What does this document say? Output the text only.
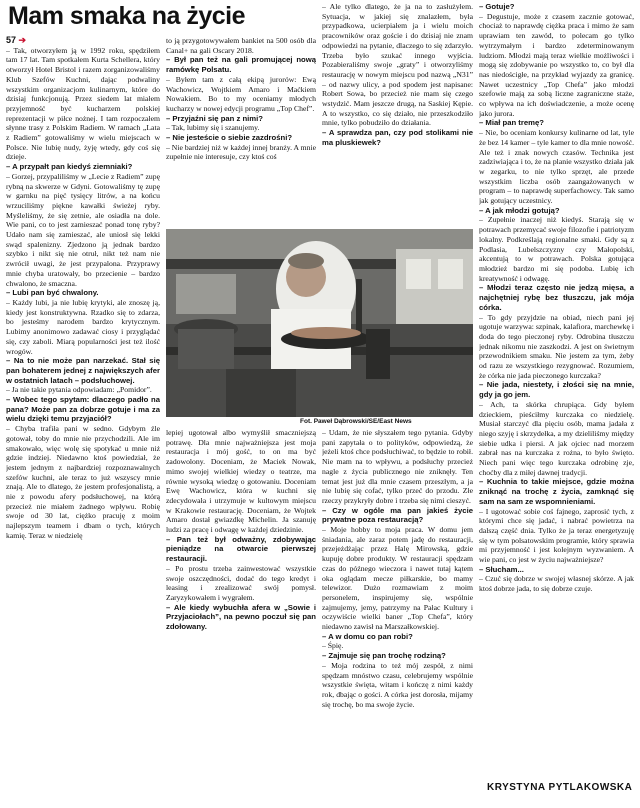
Mam smaka na życie
57 ➔

– Tak, otworzyłem ją w 1992 roku, spędziłem tam 17 lat. Tam spotkałem Kurta Schellera, który otworzył Hotel Bristol i razem zorganizowaliśmy Klub Szefów Kuchni, dając podwaliny wszystkim organizacjom kulinarnym, które do dzisiaj funkcjonują. Przez siedem lat miałem przyjemność być kucharzem polskiej reprezentacji w piłce nożnej. I tam rozpoczałem słynne trasy z Polskim Radiem. W ramach „Lata z Radiem” gotowaliśmy w wielu miejscach w Polsce. Nie lubię nudy, żyję wtedy, gdy coś się dzieje.

– A przypałt pan kiedyś ziemniaki?

– Gorzej, przypaliliśmy w „Lecie z Radiem” zupę rybną na skwerze w Gdyni. Gotowaliśmy tę zupę w garnku na pięć tysięcy litrów, a na końcu wrzuciliśmy piękne kawałki świeżej ryby. Myśleliśmy, że się zetnie, ale osiadła na dole. Wie pani, co to jest zamieszać ponad tonę ryby? Udało nam się zamieszać, ale uniosł się lekki swąd spalenizny. Zjedzono ją jednak bardzo szybko i nikt się nie otruł, nikt też nam nie zwrócił uwagi, że jest przypalona. Przyprawy mnie chyba uratowały, bo przecienie – bardzo chwalono, że smaczna.

– Lubi pan być chwalony.

– Każdy lubi, ja nie lubię krytyki, ale znoszę ją, kiedy jest konstruktywna. Rzadko się to zdarza, bo jesteśmy narodem bardzo krytycznym. Lubimy anonimowo zadawać ciosy i przyglądać się, czy zaboli. Miarą popularności jest też ilość wrogów.

– Na to nie może pan narzekać. Stał się pan bohaterem jednej z największych afer w ostatnich latach – podsłuchowej.

– Ja nie takie pytania odpowiadam: „Pomidor”.

– Wobec tego spytam: dlaczego padło na pana? Może pan za dobrze gotuje i ma za wielu dzięki temu przyjaciół?

– Chyba trafiła pani w sedno. Gdybym źle gotował, toby do mnie nie przychodzili. Ale im smakowało, więc wolę się spotykać u mnie niż gdzie indziej. Niedawno ktoś powiedział, że jestem jednym z najbardziej rozpoznawalnych szefów kuchni, ale teraz to już wszyscy mnie znają. Ale to dlatego, że jestem profesjonalistą, a nie z powodu afery podsłuchowej, na którą przecież nie miałem żadnego wpływu. Robię swoje od 30 lat, ciężko pracuję z moim najlepszym teamem i dbam o tych, których kamię. Teraz w niedzielę

to ją przygotowywałem bankiet na 500 osób dla Canal+ na gali Oscary 2018.

– Był pan też na gali promującej nową ramówkę Polsatu.

– Byłem tam z całą ekipą jurorów: Ewą Wachowicz, Wojtkiem Amaro i Maćkiem Nowakiem. Bo to my oceniamy młodych kucharzy w nowej edycji programu „Top Chef”.

– Przyjaźni się pan z nimi?

– Tak, lubimy się i szanujemy.

– Nie jesteście o siebie zazdrośni?

– Nie bardziej niż w każdej innej branży. A mnie zupełnie nie interesuje, czy ktoś coś

– Ale tylko dlatego, że ja na to zasłużyłem. Sytuacja, w jakiej się znalazłem, była przypadkowa, ucierpiałem ja i wielu moich pracowników oraz goście i do dzisiaj nie znam odpowiedzi na pytanie, dlaczego to się zdarzyło. Trzeba było szukać innego wyjścia. Pozabieraliśmy swoje „graty” i otworzyliśmy restaurację w nowym miejscu pod nazwą „N31” – od nazwy ulicy, a pod spodem jest napisane: Robert Sowa, bo przecież nie mam się czego wstydzić. Mam jeszcze drugą, na Saskiej Kępie. A to wszystko, co się działo, nie przeszkodziło mnie, tylko pobudziło do działania.

– A sprawdza pan, czy pod stolikami nie ma pluskiewek?

– Gotuje?

– Degustuje, może z czasem zacznie gotować, chociaż to naprawdę ciężka praca i mimo że sam uprawiam ten zawód, to polecam go tylko wytrzymałym i bardzo zdeterminowanym ludziom. Młodzi mają teraz wielkie możliwości i mogą się zdobywanie po wszystko to, co był dla nas niedościgłe, na przykład wyjazdy za granicę. Nawet uczestnicy „Top Chefa” jako młodzi szefowie mają za sobą liczne zagraniczne staże, co wpływa na ich doświadczenie, a może ocenę jako jurora.

– Miał pan tremę?

– Nie, bo oceniam konkursy kulinarne od lat, tyle że bez 14 kamer – tyle kamer to dla mnie nowość. Ale też i znak nowych czasów. Technika jest zadziwiająca i to, że na planie wszystko działa jak w zegarku, to nie tylko sprzęt, ale przede wszystkim liczba osób zaangażowanych w program – to naprawdę superfachowcy. Tak samo jak gotujący uczestnicy.

– A jak młodzi gotują?

– Zupełnie inaczej niż kiedyś. Starają się w potrawach przemycać swoje filozofie i patriotyzm lokalny. Podkreślają regionalne smaki. Gdy są z Podlasia, Lubelszczyzny czy Małopolski, akcentują to w potrawach. Polska gotująca młodzież bardzo mi się podoba. Lubię ich kreatywność i odwagę.

– Młodzi teraz często nie jedzą mięsa, a najchętniej rybę bez tłuszczu, jak mója córka.

– To gdy przyjdzie na obiad, niech pani jej ugotuje warzywa: szpinak, kalafiora, marchewkę i doda do tego pieczonej ryby. Odrobina tłuszczu jednak nikomu nie zaszkodzi. A jest on świetnym przewodnikiem smaku. Nie jestem za tym, żeby od razu ze wszystkiego rezygnować. Rozumiem, że córka nie jada pieczonego kurczaka?

– Nie jada, niestety, i złości się na mnie, gdy ja go jem.

– Ach, ta skórka chrupiąca. Gdy byłem dzieckiem, pieściłmy kurczaka co niedzielę. Musiał starczyć dla pięciu osób, mama jadała z niego szyję i skrzydełka, a my dzieliliśmy między siebie udka i piersi. A jak ojciec nad morzem zabrał nas na kurczaka z rożna, to było święto. Niech pani więc tego kurczaka odrobinę zje, choćby dla z miłej dawnej tradycji.

– Kuchnia to takie miejsce, gdzie można zniknąć na trochę z życia, zamknąć się sam na sam ze wspomnieniami.

– I ugotować sobie coś fajnego, zaprosić tych, z którymi chce się jadać, i nabrać powietrza na dalszą część dnia. Tylko że ja teraz energetyzuję się w tym polsatowskim programie, który sprawia mi przyjemność i jest kolejnym wyzwaniem. A wie pani, co jest w życiu najważniejsze?

– Słucham...

– Czuć się dobrze w swojej własnej skórze. A jak ktoś dobrze jada, to się dobrze czuje.

Fot. Paweł Dąbrowski/SE/East News

lepiej ugotował albo wymyślił smaczniejszą potrawę. Dla mnie najważniejsza jest moja restauracja i mój gość, to on ma być zadowolony. Doceniam, że Maciek Nowak, mimo swojej wielkiej wiedzy o teatrze, ma równie wysoką wiedzę o gotowaniu. Doceniam Ewę Wachowicz, która w kuchni się zdecydowała i utrzymuje w kultowym miejscu w Krakowie restaurację. Doceniam, że Wojtek Amaro dostał gwiazdkę Michelin. Ja szanuję ludzi za pracę i odwagę w każdej dziedzinie.

– Pan też był odważny, zdobywając pieniądze na otwarcie pierwszej restauracji.

– Po prostu trzeba zainwestować wszystkie swoje oszczędności, dodać do tego kredyt i leasing i zrealizować swój pomysł. Zaryzykowałem i wygrałem.

– Ale kiedy wybuchła afera w „Sowie i Przyjaciołach”, na pewno poczuł się pan zdołowany.

– Udam, że nie słyszałem tego pytania. Gdyby pani zapytała o to polityków, odpowiedzą, że jeżeli ktoś chce podsłuchiwać, to będzie to robił. Nie mam na to wpływu, a podsłuchy przecież nagle z życia publicznego nie zniknęły. Ten temat jest już dla mnie czasem przeszłym, a ja nie lubię się cofać, tylko przeć do przodu. Złe rzeczy przykryły dobre i trzeba się nimi cieszyć.

– Czy w ogóle ma pan jakieś życie prywatne poza restauracją?

– Moje hobby to moja praca. W domu jem śniadania, ale zaraz potem jadę do restauracji, przejeżdżając przez Halę Mirowską, gdzie kupuję dobre produkty. W restauracji spędzam czas do późnego wieczora i nawet tutaj kątem oka oglądam mecze piłkarskie, bo mamy telewizor. Dużo rozmawiam z moim personelem, inspirujemy się, wspólnie zajmujemy, jemy, patrzymy na Pałac Kultury i oczywiście wielki baner „Top Chefa”, który niedawno zawisł na Marszałkowskiej.

– A w domu co pan robi?

– Śpię.

– Zajmuje się pan trochę rodziną?

– Moja rodzina to też mój zespół, z nimi spędzam mnóstwo czasu, celebrujemy wspólnie wszystkie święta, witam i kończę z nimi każdy rok, dbając o gości. A córka jest dorosła, mijamy się trochę, bo ma swoje życie.

KRYSTYNA PYTLAKOWSKA
